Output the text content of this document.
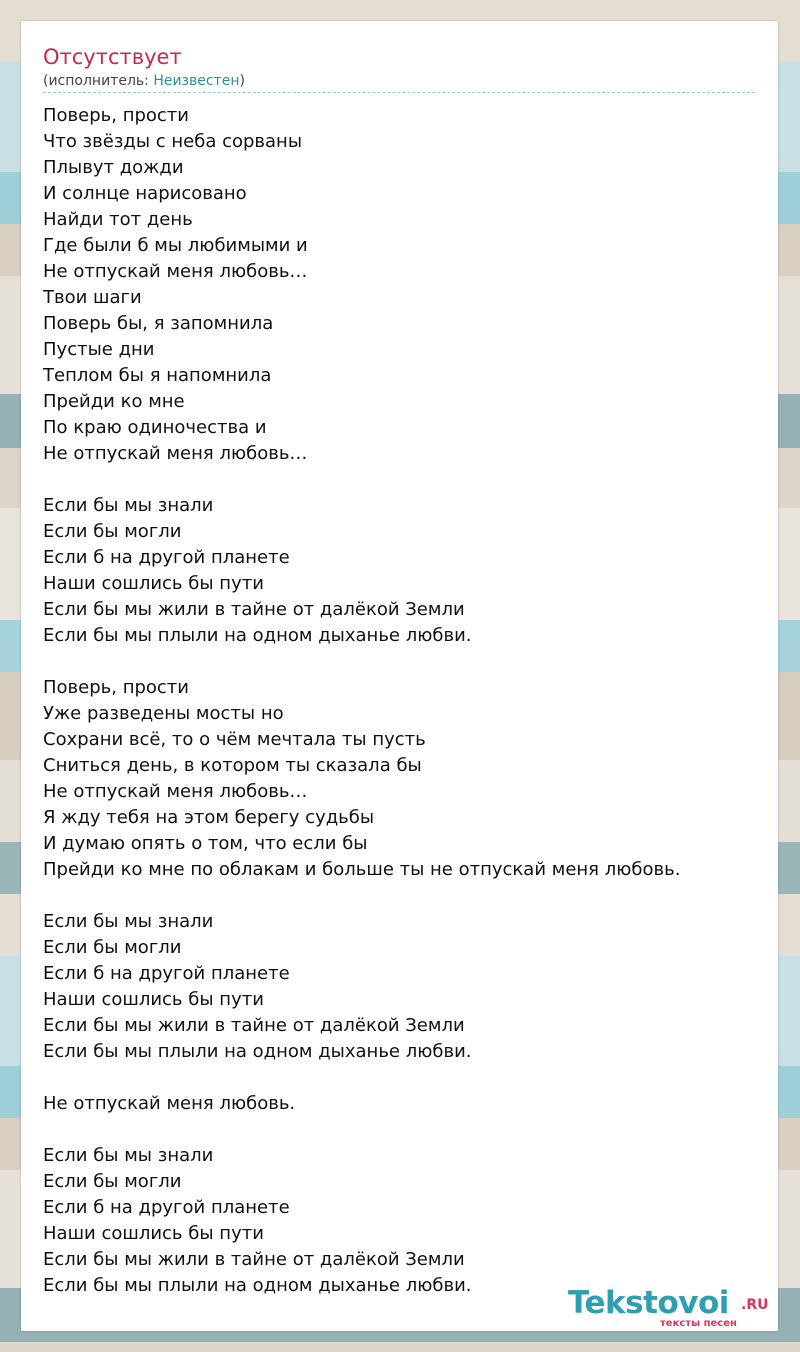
Отсутствует
(исполнитель: Неизвестен)
Поверь, прости
Что звёзды с неба сорваны
Плывут дожди
И солнце нарисовано
Найди тот день
Где были б мы любимыми и
Не отпускай меня любовь…
Твои шаги
Поверь бы, я запомнила
Пустые дни
Теплом бы я напомнила
Прейди ко мне
По краю одиночества и
Не отпускай меня любовь…
Если бы мы знали
Если бы могли
Если б на другой планете
Наши сошлись бы пути
Если бы мы жили в тайне от далёкой Земли
Если бы мы плыли на одном дыханье любви.
Поверь, прости
Уже разведены мосты но
Сохрани всё, то о чём мечтала ты пусть
Сниться день, в котором ты сказала бы
Не отпускай меня любовь…
Я жду тебя на этом берегу судьбы
И думаю опять о том, что если бы
Прейди ко мне по облакам и больше ты не отпускай меня любовь.
Если бы мы знали
Если бы могли
Если б на другой планете
Наши сошлись бы пути
Если бы мы жили в тайне от далёкой Земли
Если бы мы плыли на одном дыханье любви.
Не отпускай меня любовь.
Если бы мы знали
Если бы могли
Если б на другой планете
Наши сошлись бы пути
Если бы мы жили в тайне от далёкой Земли
Если бы мы плыли на одном дыханье любви.	Tekstovoi .RU
тексты песен
